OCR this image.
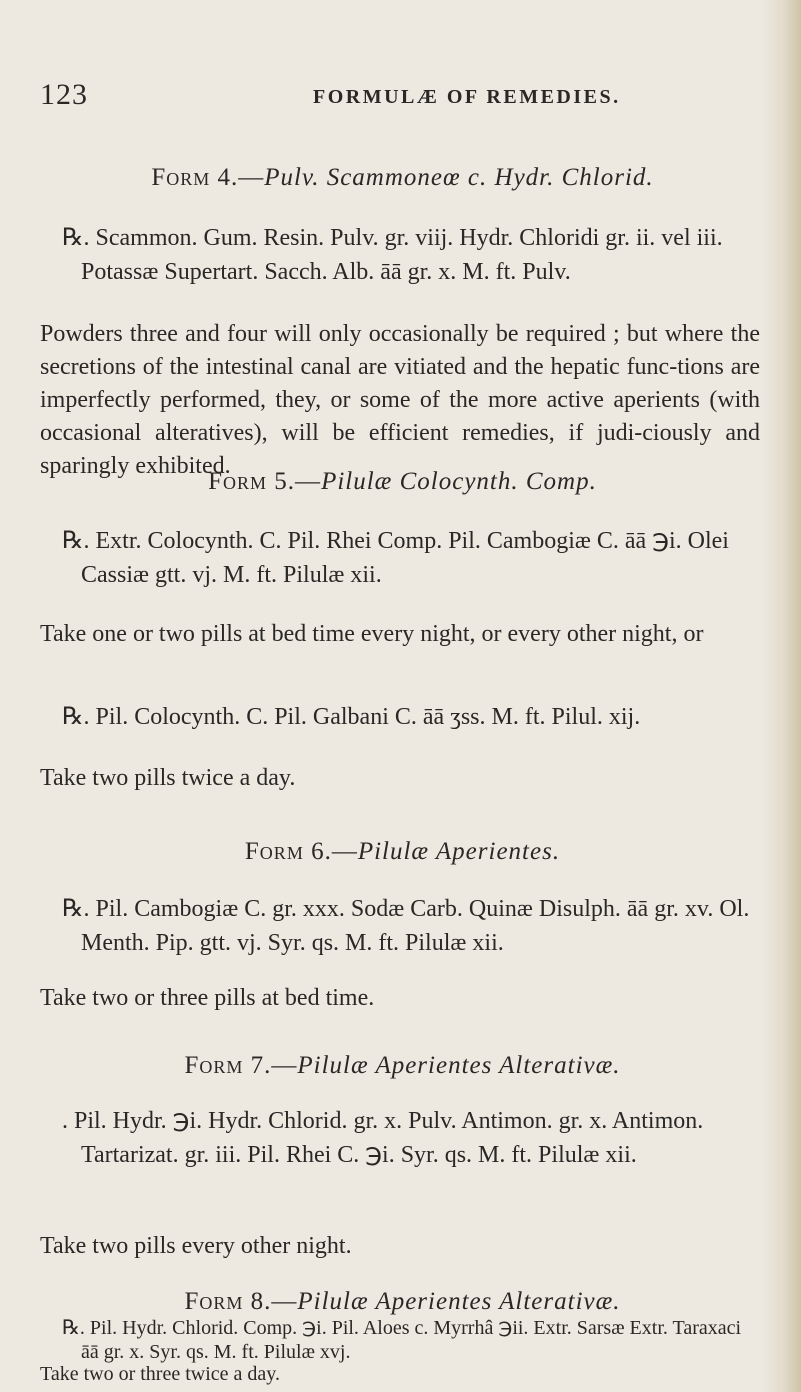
123	FORMULÆ OF REMEDIES.
Form 4.—Pulv. Scammoneœ c. Hydr. Chlorid.
℞. Scammon. Gum. Resin. Pulv. gr. viij. Hydr. Chloridi gr. ii. vel iii. Potassæ Supertart. Sacch. Alb. āā gr. x. M. ft. Pulv.
Powders three and four will only occasionally be required ; but where the secretions of the intestinal canal are vitiated and the hepatic func-tions are imperfectly performed, they, or some of the more active aperients (with occasional alteratives), will be efficient remedies, if judi-ciously and sparingly exhibited.
Form 5.—Pilulæ Colocynth. Comp.
℞. Extr. Colocynth. C. Pil. Rhei Comp. Pil. Cambogiæ C. āā ℈i. Olei Cassiæ gtt. vj. M. ft. Pilulæ xii.
Take one or two pills at bed time every night, or every other night, or
℞. Pil. Colocynth. C. Pil. Galbani C. āā ʒss. M. ft. Pilul. xij.
Take two pills twice a day.
Form 6.—Pilulæ Aperientes.
℞. Pil. Cambogiæ C. gr. xxx. Sodæ Carb. Quinæ Disulph. āā gr. xv. Ol. Menth. Pip. gtt. vj. Syr. qs. M. ft. Pilulæ xii.
Take two or three pills at bed time.
Form 7.—Pilulæ Aperientes Alterativæ.
. Pil. Hydr. ℈i. Hydr. Chlorid. gr. x. Pulv. Antimon. gr. x. Antimon. Tartarizat. gr. iii. Pil. Rhei C. ℈i. Syr. qs. M. ft. Pilulæ xii.
Take two pills every other night.
Form 8.—Pilulæ Aperientes Alterativæ.
℞. Pil. Hydr. Chlorid. Comp. ℈i. Pil. Aloes c. Myrrhâ ℈ii. Extr. Sarsæ Extr. Taraxaci āā gr. x. Syr. qs. M. ft. Pilulæ xvj.
Take two or three twice a day.
